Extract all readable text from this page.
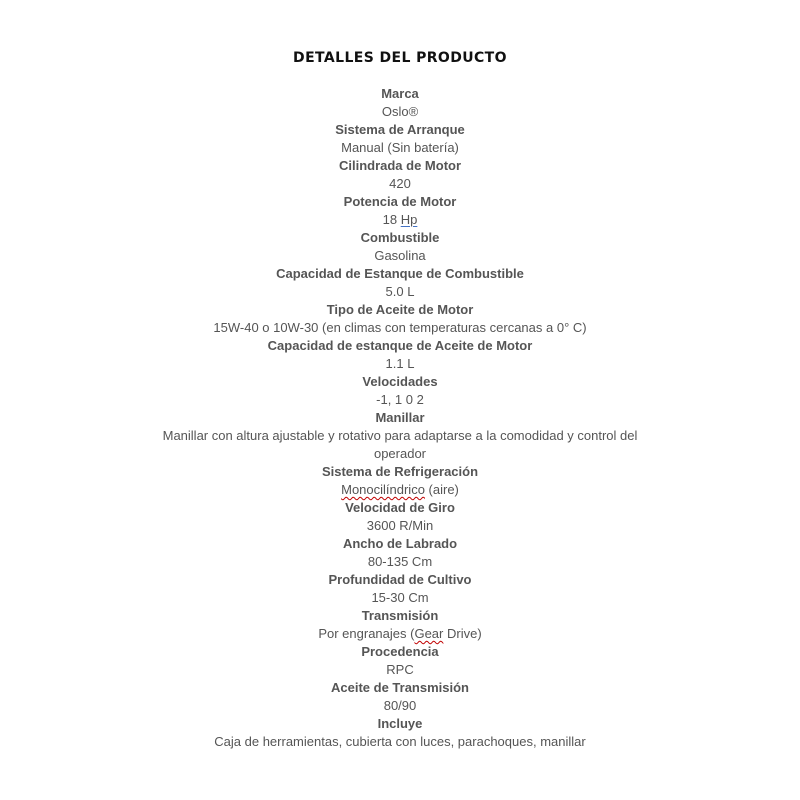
DETALLES DEL PRODUCTO
Marca
Oslo®
Sistema de Arranque
Manual (Sin batería)
Cilindrada de Motor
420
Potencia de Motor
18 Hp
Combustible
Gasolina
Capacidad de Estanque de Combustible
5.0 L
Tipo de Aceite de Motor
15W-40 o 10W-30 (en climas con temperaturas cercanas a 0° C)
Capacidad de estanque de Aceite de Motor
1.1 L
Velocidades
-1, 1 0 2
Manillar
Manillar con altura ajustable y rotativo para adaptarse a la comodidad y control del operador
Sistema de Refrigeración
Monocilíndrico (aire)
Velocidad de Giro
3600 R/Min
Ancho de Labrado
80-135 Cm
Profundidad de Cultivo
15-30 Cm
Transmisión
Por engranajes (Gear Drive)
Procedencia
RPC
Aceite de Transmisión
80/90
Incluye
Caja de herramientas, cubierta con luces, parachoques, manillar
